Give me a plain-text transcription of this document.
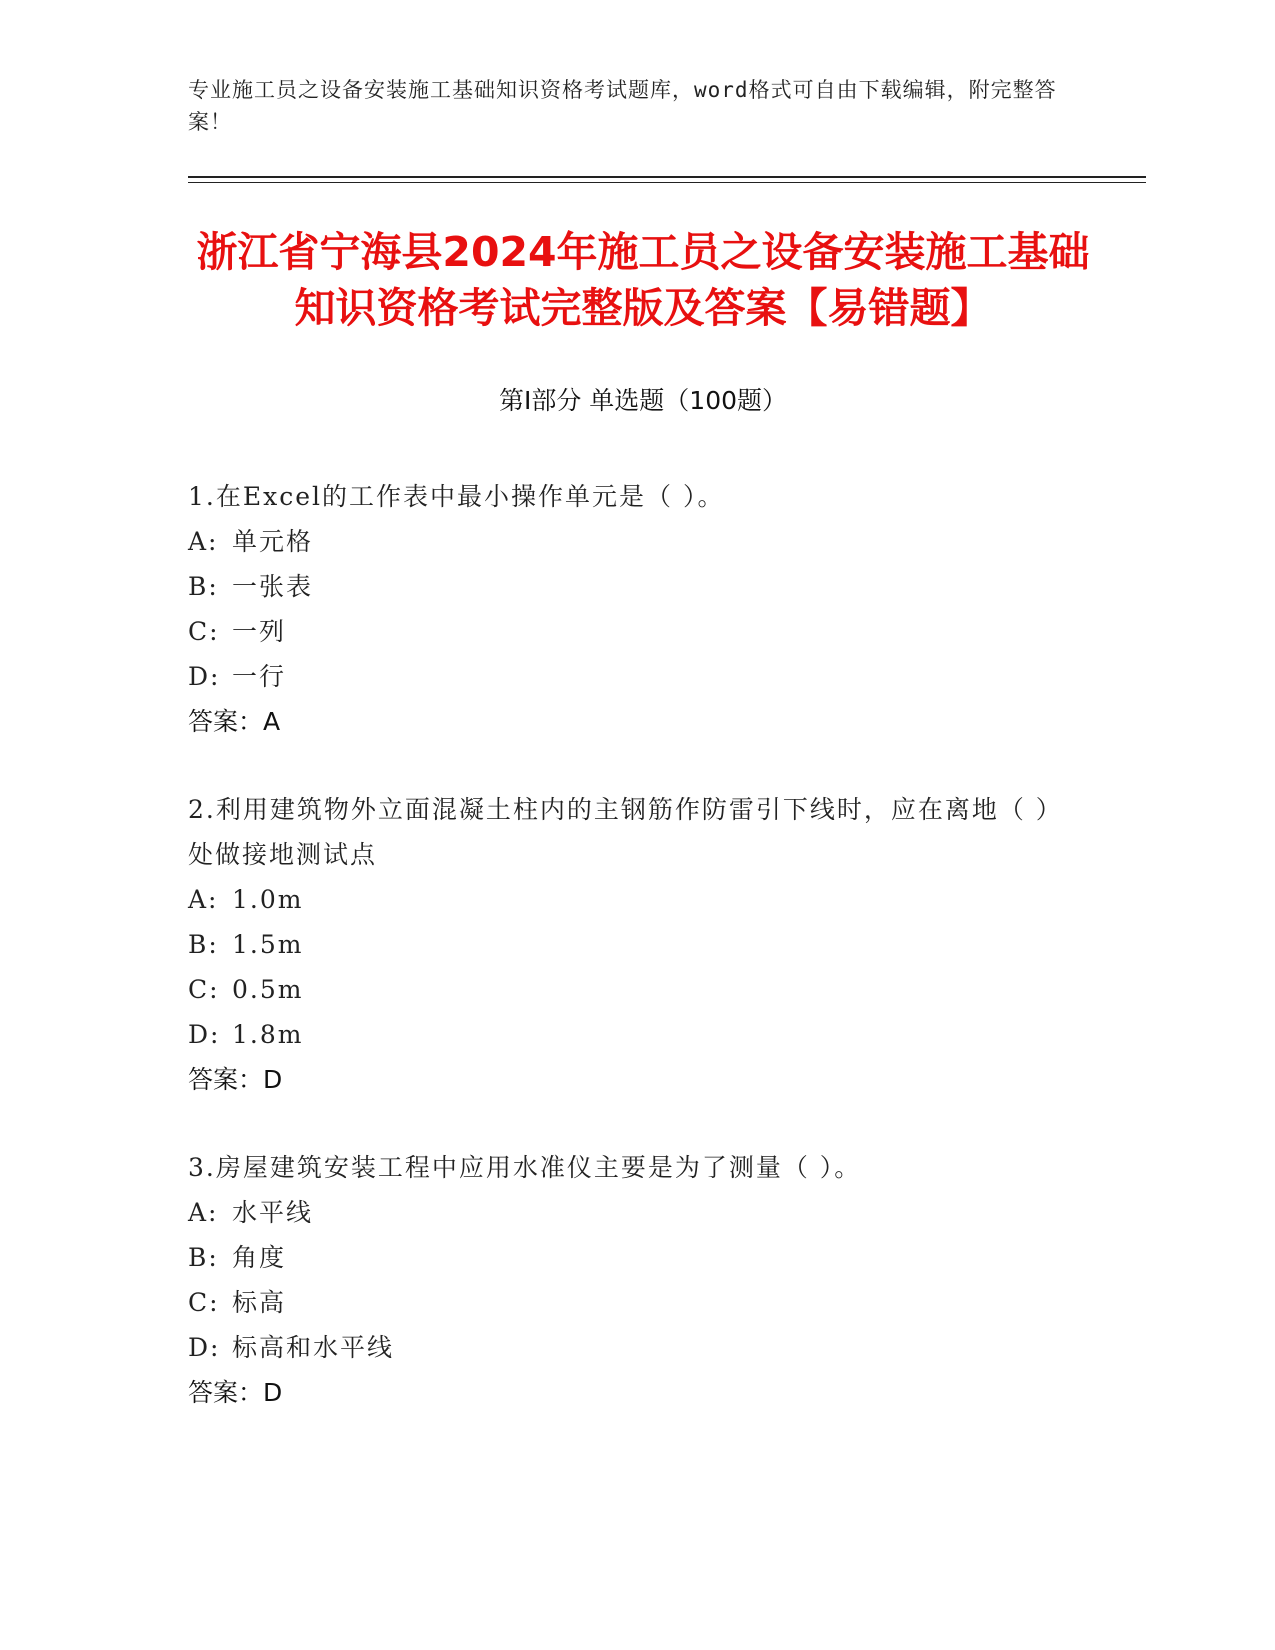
专业施工员之设备安装施工基础知识资格考试题库，word格式可自由下载编辑，附完整答案！
浙江省宁海县2024年施工员之设备安装施工基础知识资格考试完整版及答案【易错题】
第Ⅰ部分 单选题（100题）
1.在Excel的工作表中最小操作单元是（ ）。
A: 单元格
B: 一张表
C: 一列
D: 一行
答案：A
2.利用建筑物外立面混凝土柱内的主钢筋作防雷引下线时，应在离地（ ）处做接地测试点
A: 1.0m
B: 1.5m
C: 0.5m
D: 1.8m
答案：D
3.房屋建筑安装工程中应用水准仪主要是为了测量（ ）。
A: 水平线
B: 角度
C: 标高
D: 标高和水平线
答案：D
